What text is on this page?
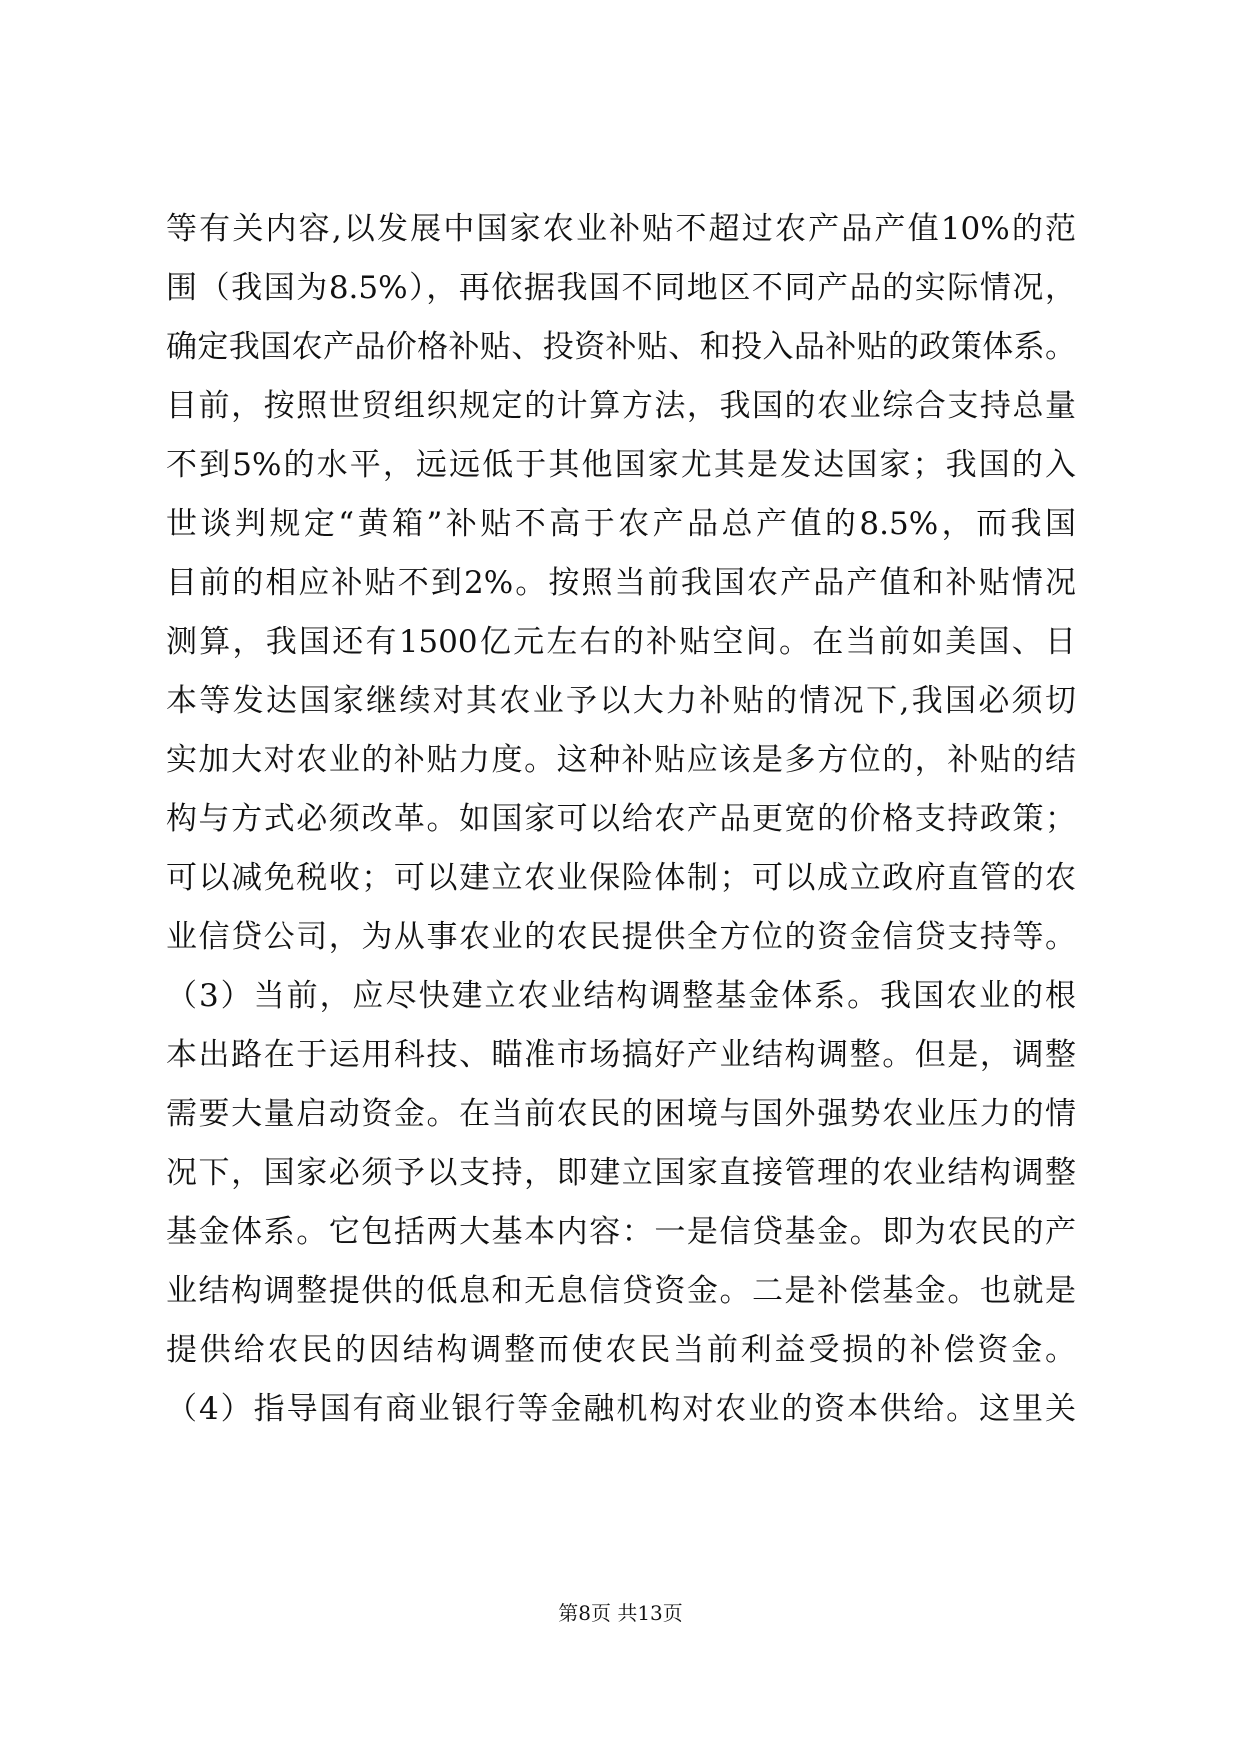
等有关内容,以发展中国家农业补贴不超过农产品产值10%的范
围（我国为8.5%），再依据我国不同地区不同产品的实际情况，
确定我国农产品价格补贴、投资补贴、和投入品补贴的政策体系。
目前，按照世贸组织规定的计算方法，我国的农业综合支持总量
不到5%的水平，远远低于其他国家尤其是发达国家；我国的入
世谈判规定“黄箱”补贴不高于农产品总产值的8.5%，而我国
目前的相应补贴不到2%。按照当前我国农产品产值和补贴情况
测算，我国还有1500亿元左右的补贴空间。在当前如美国、日
本等发达国家继续对其农业予以大力补贴的情况下,我国必须切
实加大对农业的补贴力度。这种补贴应该是多方位的，补贴的结
构与方式必须改革。如国家可以给农产品更宽的价格支持政策；
可以减免税收；可以建立农业保险体制；可以成立政府直管的农
业信贷公司，为从事农业的农民提供全方位的资金信贷支持等。
（3）当前，应尽快建立农业结构调整基金体系。我国农业的根
本出路在于运用科技、瞄准市场搞好产业结构调整。但是，调整
需要大量启动资金。在当前农民的困境与国外强势农业压力的情
况下，国家必须予以支持，即建立国家直接管理的农业结构调整
基金体系。它包括两大基本内容：一是信贷基金。即为农民的产
业结构调整提供的低息和无息信贷资金。二是补偿基金。也就是
提供给农民的因结构调整而使农民当前利益受损的补偿资金。
（4）指导国有商业银行等金融机构对农业的资本供给。这里关
第8页 共13页
